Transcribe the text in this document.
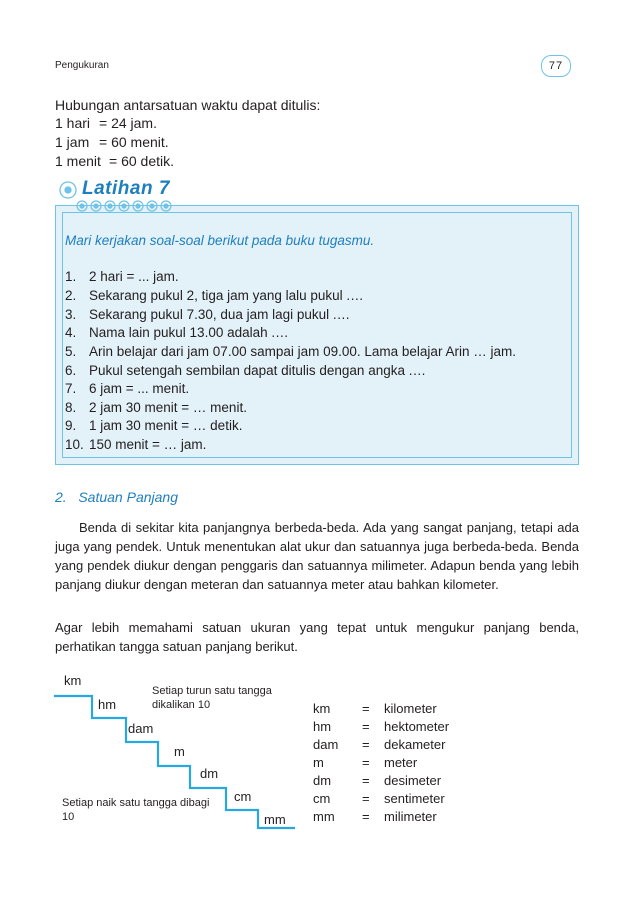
Pengukuran	77
Hubungan antarsatuan waktu dapat ditulis:
1 hari = 24 jam.
1 jam = 60 menit.
1 menit = 60 detik.
Latihan 7
Mari kerjakan soal-soal berikut pada buku tugasmu.
1. 2 hari = ... jam.
2. Sekarang pukul 2, tiga jam yang lalu pukul .…
3. Sekarang pukul 7.30, dua jam lagi pukul .…
4. Nama lain pukul 13.00 adalah .…
5. Arin belajar dari jam 07.00 sampai jam 09.00. Lama belajar Arin … jam.
6. Pukul setengah sembilan dapat ditulis dengan angka .…
7. 6 jam = ... menit.
8. 2 jam 30 menit = … menit.
9. 1 jam 30 menit = … detik.
10. 150 menit = … jam.
2.   Satuan Panjang
Benda di sekitar kita panjangnya berbeda-beda. Ada yang sangat panjang, tetapi ada juga yang pendek. Untuk menentukan alat ukur dan satuannya juga berbeda-beda. Benda yang pendek diukur dengan penggaris dan satuannya milimeter. Adapun benda yang lebih panjang diukur dengan meteran dan satuannya meter atau bahkan kilometer.
Agar lebih memahami satuan ukuran yang tepat untuk mengukur panjang benda, perhatikan tangga satuan panjang berikut.
km
hm
dam
m
dm
cm
mm
Setiap turun satu tangga dikalikan 10
Setiap naik satu tangga dibagi 10
km
hm
dam
m
dm
cm
mm
=
=
=
=
=
=
=
kilometer
hektometer
dekameter
meter
desimeter
sentimeter
milimeter
